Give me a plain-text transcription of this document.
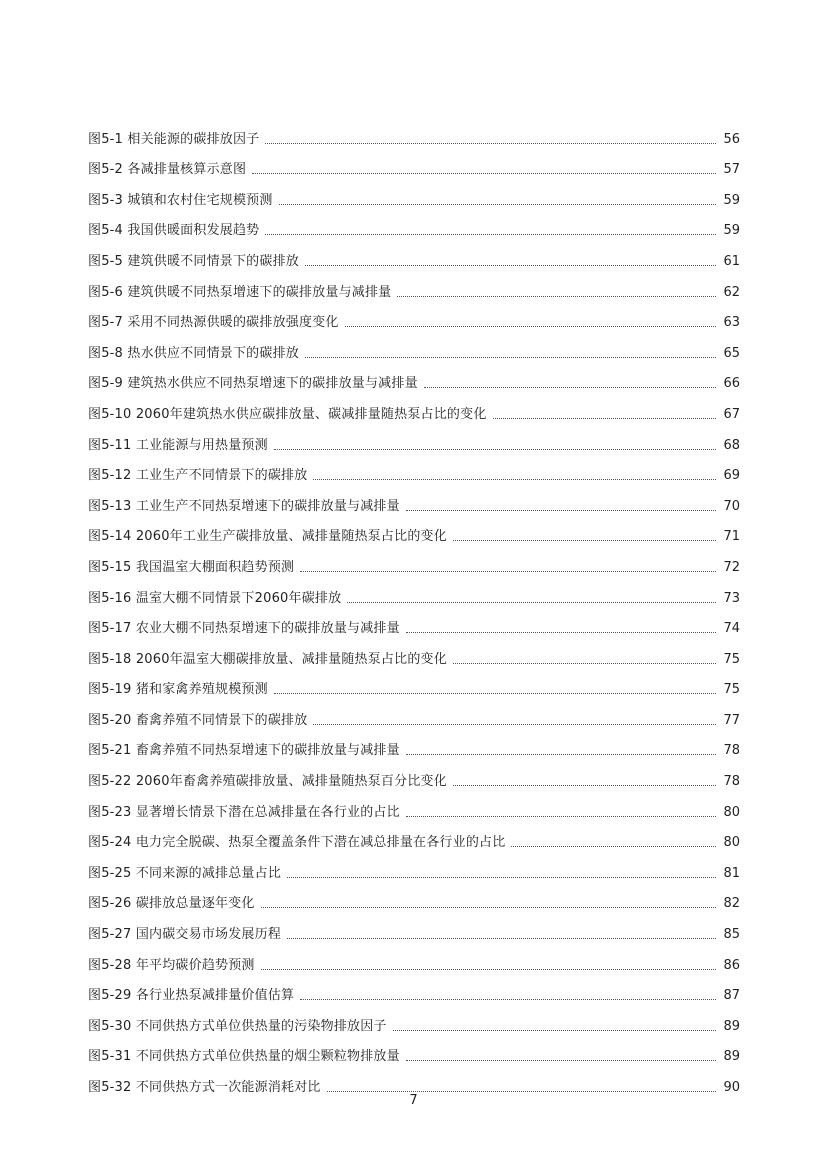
图5-1 相关能源的碳排放因子	56
图5-2 各减排量核算示意图	57
图5-3 城镇和农村住宅规模预测	59
图5-4 我国供暖面积发展趋势	59
图5-5 建筑供暖不同情景下的碳排放	61
图5-6 建筑供暖不同热泵增速下的碳排放量与减排量	62
图5-7 采用不同热源供暖的碳排放强度变化	63
图5-8 热水供应不同情景下的碳排放	65
图5-9 建筑热水供应不同热泵增速下的碳排放量与减排量	66
图5-10 2060年建筑热水供应碳排放量、碳减排量随热泵占比的变化	67
图5-11 工业能源与用热量预测	68
图5-12 工业生产不同情景下的碳排放	69
图5-13 工业生产不同热泵增速下的碳排放量与减排量	70
图5-14 2060年工业生产碳排放量、减排量随热泵占比的变化	71
图5-15 我国温室大棚面积趋势预测	72
图5-16 温室大棚不同情景下2060年碳排放	73
图5-17 农业大棚不同热泵增速下的碳排放量与减排量	74
图5-18 2060年温室大棚碳排放量、减排量随热泵占比的变化	75
图5-19 猪和家禽养殖规模预测	75
图5-20 畜禽养殖不同情景下的碳排放	77
图5-21 畜禽养殖不同热泵增速下的碳排放量与减排量	78
图5-22 2060年畜禽养殖碳排放量、减排量随热泵百分比变化	78
图5-23 显著增长情景下潜在总减排量在各行业的占比	80
图5-24 电力完全脱碳、热泵全覆盖条件下潜在减总排量在各行业的占比	80
图5-25 不同来源的减排总量占比	81
图5-26 碳排放总量逐年变化	82
图5-27 国内碳交易市场发展历程	85
图5-28 年平均碳价趋势预测	86
图5-29 各行业热泵减排量价值估算	87
图5-30 不同供热方式单位供热量的污染物排放因子	89
图5-31 不同供热方式单位供热量的烟尘颗粒物排放量	89
图5-32 不同供热方式一次能源消耗对比	90
7
